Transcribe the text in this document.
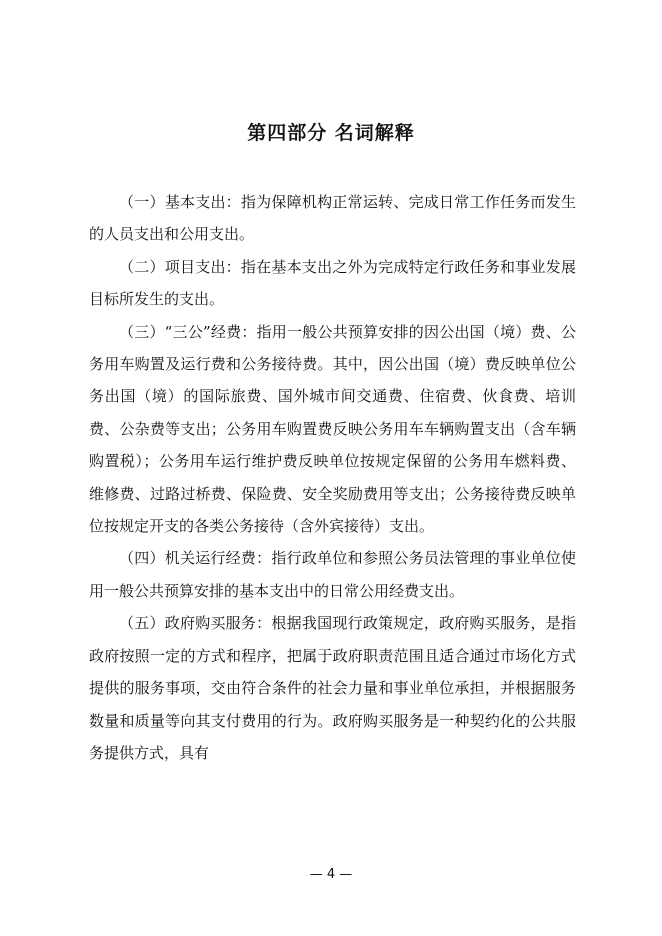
第四部分 名词解释

（一）基本支出：指为保障机构正常运转、完成日常工作任务而发生的人员支出和公用支出。

（二）项目支出：指在基本支出之外为完成特定行政任务和事业发展目标所发生的支出。

（三）“三公”经费：指用一般公共预算安排的因公出国（境）费、公务用车购置及运行费和公务接待费。其中，因公出国（境）费反映单位公务出国（境）的国际旅费、国外城市间交通费、住宿费、伙食费、培训费、公杂费等支出；公务用车购置费反映公务用车车辆购置支出（含车辆购置税）；公务用车运行维护费反映单位按规定保留的公务用车燃料费、维修费、过路过桥费、保险费、安全奖励费用等支出；公务接待费反映单位按规定开支的各类公务接待（含外宾接待）支出。

（四）机关运行经费：指行政单位和参照公务员法管理的事业单位使用一般公共预算安排的基本支出中的日常公用经费支出。

（五）政府购买服务：根据我国现行政策规定，政府购买服务，是指政府按照一定的方式和程序，把属于政府职责范围且适合通过市场化方式提供的服务事项，交由符合条件的社会力量和事业单位承担，并根据服务数量和质量等向其支付费用的行为。政府购买服务是一种契约化的公共服务提供方式，具有

— 4 —
